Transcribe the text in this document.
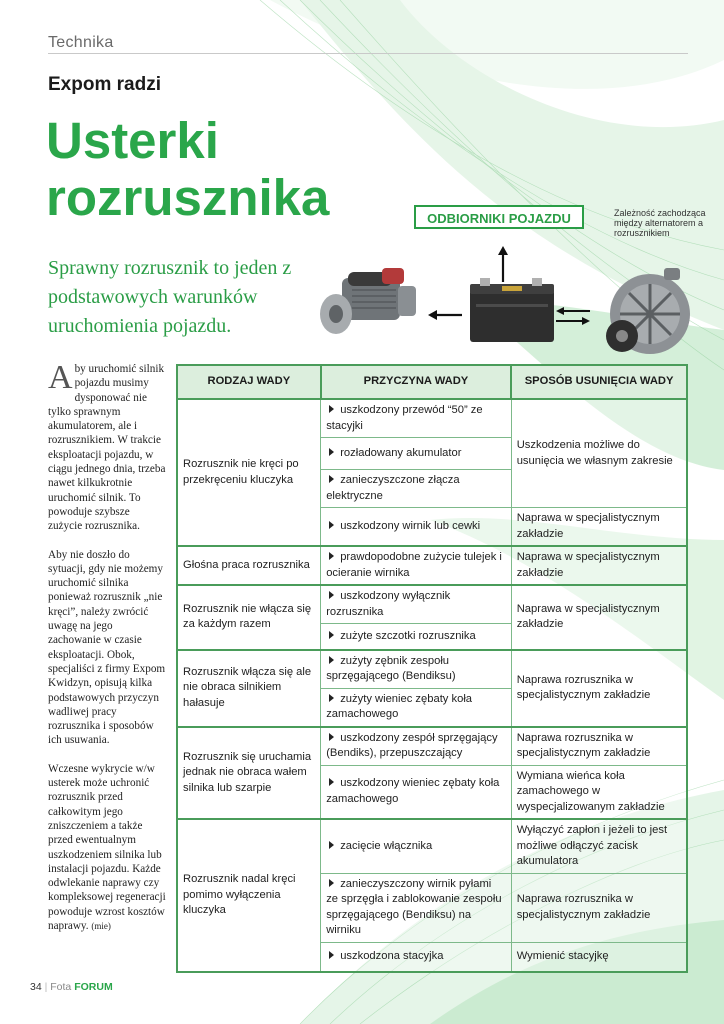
Technika
Expom radzi
Usterki
rozrusznika
Sprawny rozrusznik to jeden z podstawowych warunków uruchomienia pojazdu.
ODBIORNIKI POJAZDU	Zależność zachodząca między alternatorem a rozrusznikiem

Aby uruchomić silnik pojazdu musimy dysponować nie tylko sprawnym akumulatorem, ale i rozrusznikiem. W trakcie eksploatacji pojazdu, w ciągu jednego dnia, trzeba nawet kilkukrotnie uruchomić silnik. To powoduje szybsze zużycie rozrusznika.

Aby nie doszło do sytuacji, gdy nie możemy uruchomić silnika ponieważ rozrusznik „nie kręci”, należy zwrócić uwagę na jego zachowanie w czasie eksploatacji. Obok, specjaliści z firmy Expom Kwidzyn, opisują kilka podstawowych przyczyn wadliwej pracy rozrusznika i sposobów ich usuwania.

Wczesne wykrycie w/w usterek może uchronić rozrusznik przed całkowitym jego zniszczeniem a także przed ewentualnym uszkodzeniem silnika lub instalacji pojazdu. Każde odwlekanie naprawy czy kompleksowej regeneracji powoduje wzrost kosztów naprawy. (mie)

RODZAJ WADY	PRZYCZYNA WADY	SPOSÓB USUNIĘCIA WADY
Rozrusznik nie kręci po przekręceniu kluczyka	uszkodzony przewód “50” ze stacyjki	Uszkodzenia możliwe do usunięcia we własnym zakresie
	rozładowany akumulator	
	zanieczyszczone złącza elektryczne	
	uszkodzony wirnik lub cewki	Naprawa w specjalistycznym zakładzie
Głośna praca rozrusznika	prawdopodobne zużycie tulejek i ocieranie wirnika	Naprawa w specjalistycznym zakładzie
Rozrusznik nie włącza się za każdym razem	uszkodzony wyłącznik rozrusznika	Naprawa w specjalistycznym zakładzie
	zużyte szczotki rozrusznika	
Rozrusznik włącza się ale nie obraca silnikiem hałasuje	zużyty zębnik zespołu sprzęgającego (Bendiksu)	Naprawa rozrusznika w specjalistycznym zakładzie
	zużyty wieniec zębaty koła zamachowego	
Rozrusznik się uruchamia jednak nie obraca wałem silnika lub szarpie	uszkodzony zespół sprzęgający (Bendiks), przepuszczający	Naprawa rozrusznika w specjalistycznym zakładzie
	uszkodzony wieniec zębaty koła zamachowego	Wymiana wieńca koła zamachowego w wyspecjalizowanym zakładzie
Rozrusznik nadal kręci pomimo wyłączenia kluczyka	zacięcie włącznika	Wyłączyć zapłon i jeżeli to jest możliwe odłączyć zacisk akumulatora
	zanieczyszczony wirnik pyłami ze sprzęgła i zablokowanie zespołu sprzęgającego (Bendiksu) na wirniku	Naprawa rozrusznika w specjalistycznym zakładzie
	uszkodzona stacyjka	Wymienić stacyjkę
34 | Fota FORUM
